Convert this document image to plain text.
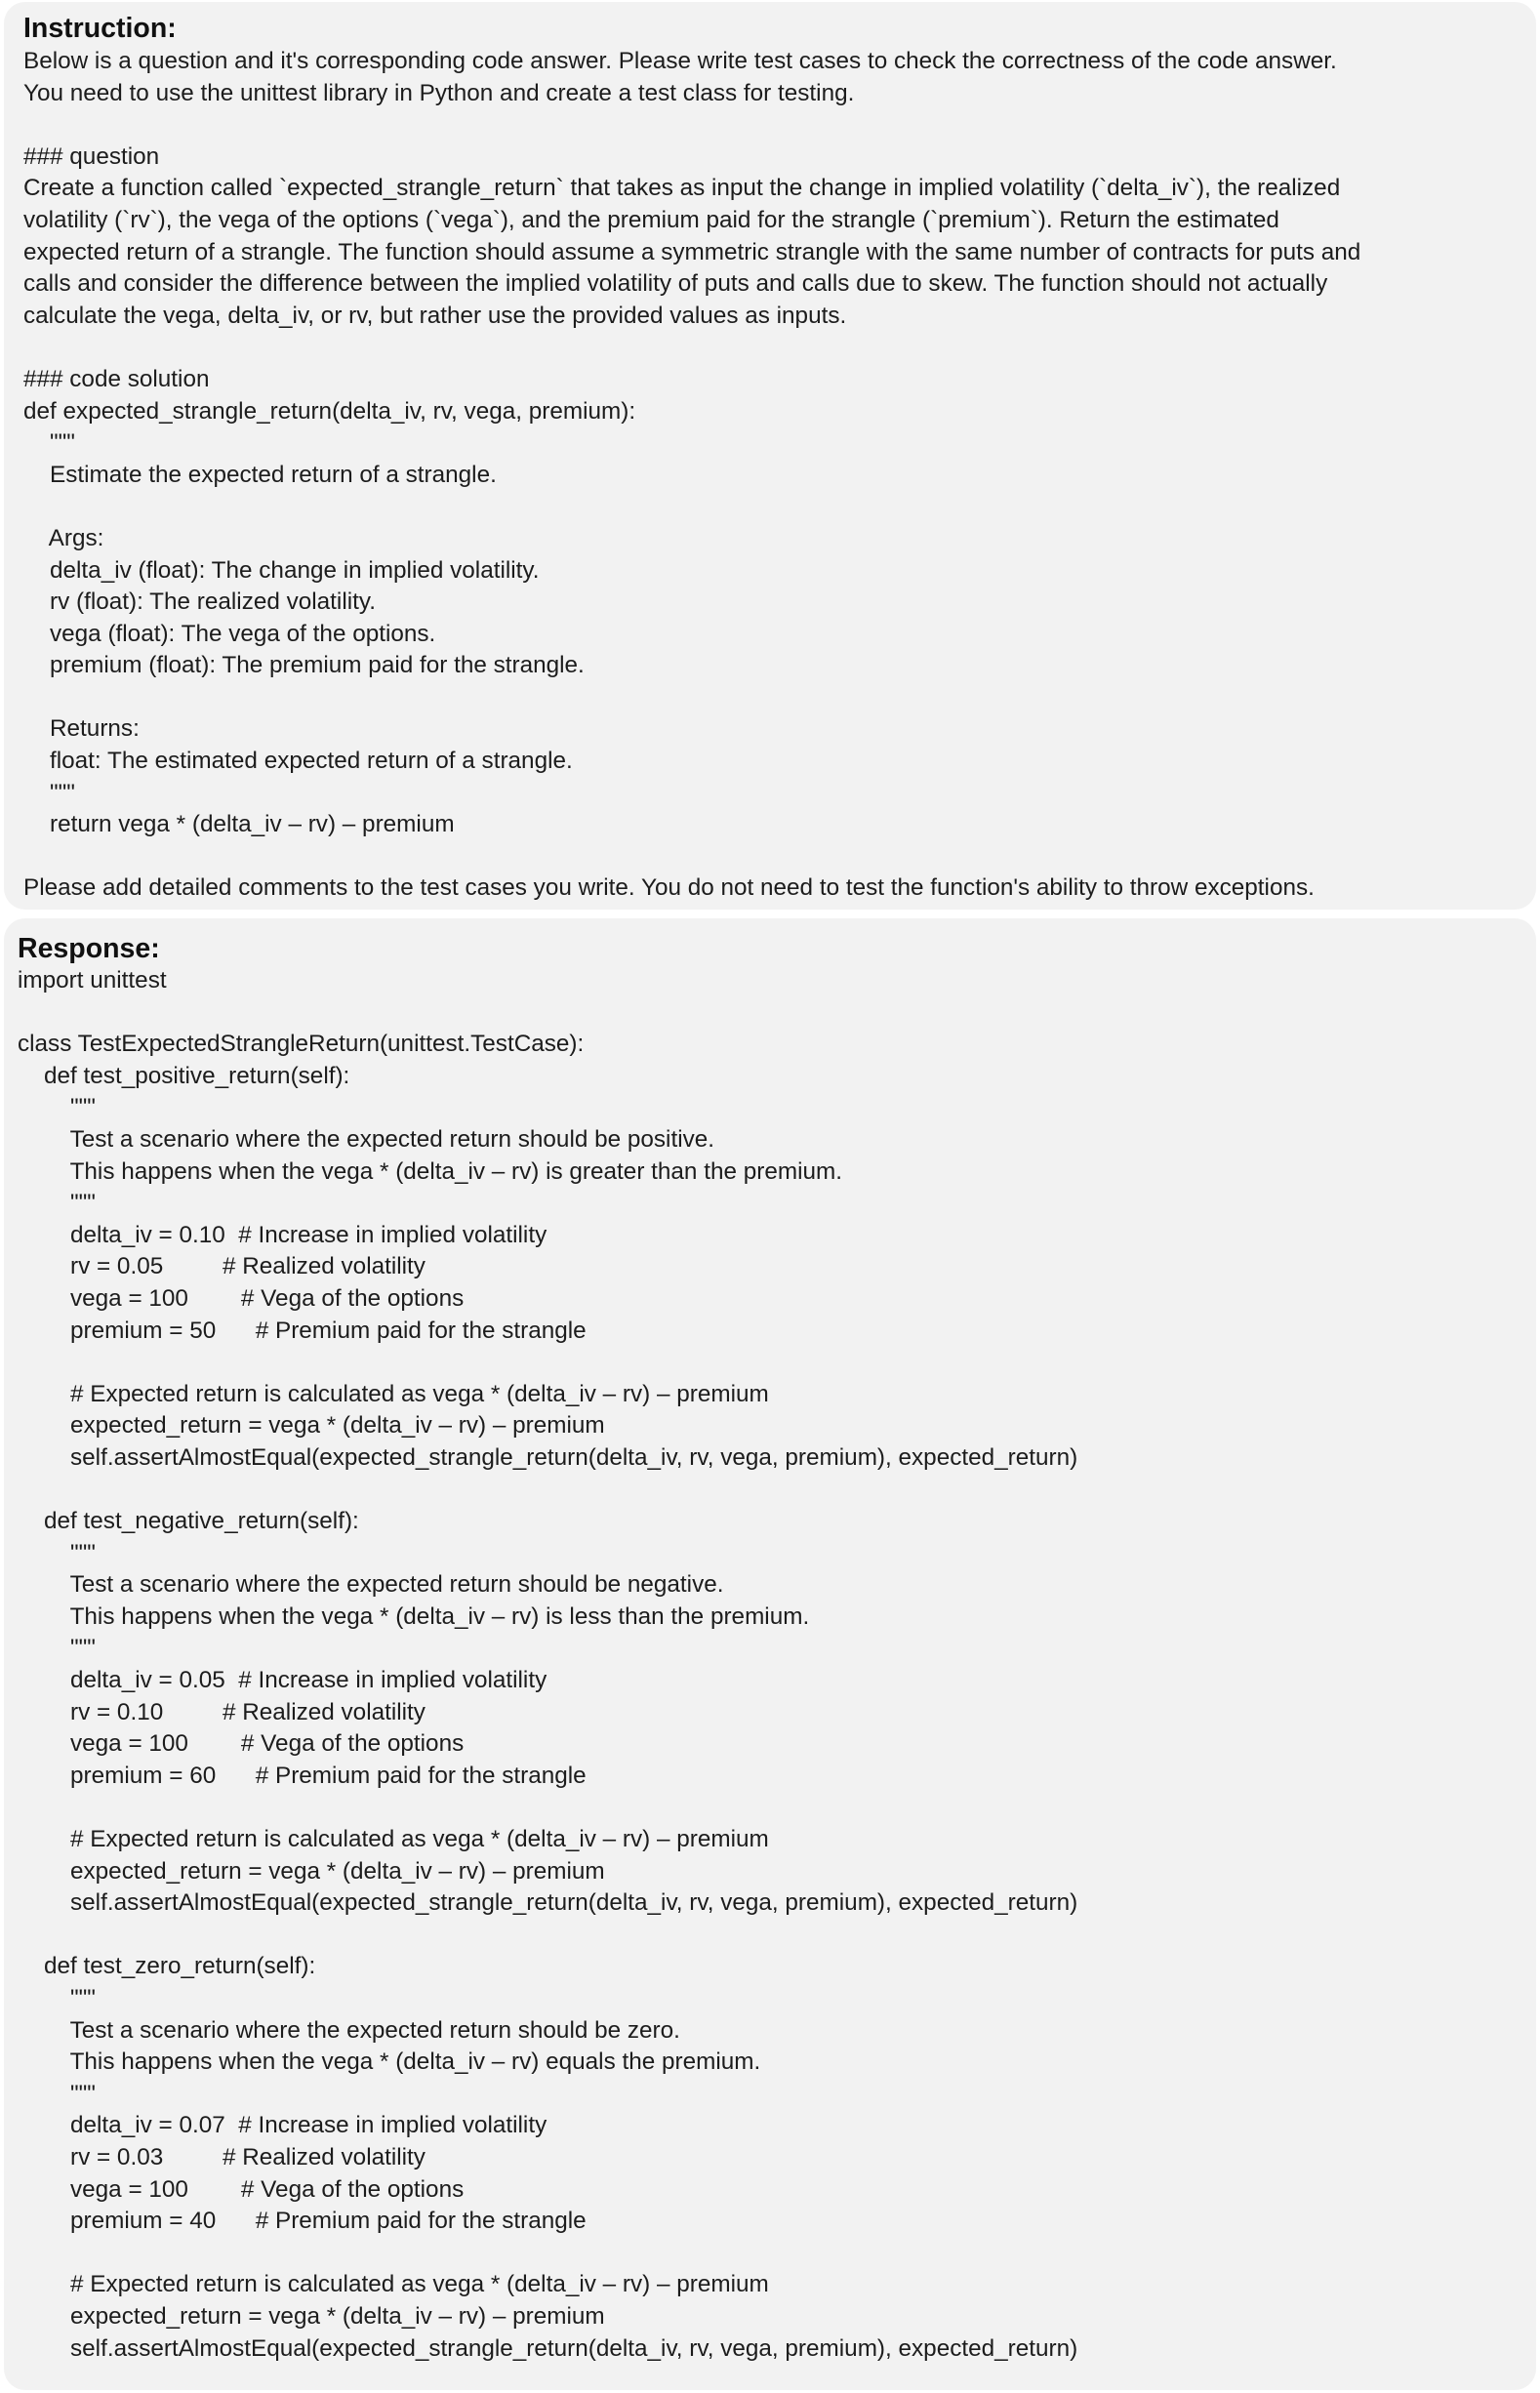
Instruction:
Below is a question and it's corresponding code answer. Please write test cases to check the correctness of the code answer.
You need to use the unittest library in Python and create a test class for testing.

### question
Create a function called `expected_strangle_return` that takes as input the change in implied volatility (`delta_iv`), the realized
volatility (`rv`), the vega of the options (`vega`), and the premium paid for the strangle (`premium`). Return the estimated
expected return of a strangle. The function should assume a symmetric strangle with the same number of contracts for puts and
calls and consider the difference between the implied volatility of puts and calls due to skew. The function should not actually
calculate the vega, delta_iv, or rv, but rather use the provided values as inputs.

### code solution
def expected_strangle_return(delta_iv, rv, vega, premium):
"""
Estimate the expected return of a strangle.

Args:
delta_iv (float): The change in implied volatility.
rv (float): The realized volatility.
vega (float): The vega of the options.
premium (float): The premium paid for the strangle.

Returns:
float: The estimated expected return of a strangle.
"""
return vega * (delta_iv – rv) – premium

Please add detailed comments to the test cases you write. You do not need to test the function's ability to throw exceptions.
Response:
import unittest

class TestExpectedStrangleReturn(unittest.TestCase):
def test_positive_return(self):
"""
Test a scenario where the expected return should be positive.
This happens when the vega * (delta_iv – rv) is greater than the premium.
"""
delta_iv = 0.10  # Increase in implied volatility
rv = 0.05         # Realized volatility
vega = 100        # Vega of the options
premium = 50      # Premium paid for the strangle

# Expected return is calculated as vega * (delta_iv – rv) – premium
expected_return = vega * (delta_iv – rv) – premium
self.assertAlmostEqual(expected_strangle_return(delta_iv, rv, vega, premium), expected_return)

def test_negative_return(self):
"""
Test a scenario where the expected return should be negative.
This happens when the vega * (delta_iv – rv) is less than the premium.
"""
delta_iv = 0.05  # Increase in implied volatility
rv = 0.10         # Realized volatility
vega = 100        # Vega of the options
premium = 60      # Premium paid for the strangle

# Expected return is calculated as vega * (delta_iv – rv) – premium
expected_return = vega * (delta_iv – rv) – premium
self.assertAlmostEqual(expected_strangle_return(delta_iv, rv, vega, premium), expected_return)

def test_zero_return(self):
"""
Test a scenario where the expected return should be zero.
This happens when the vega * (delta_iv – rv) equals the premium.
"""
delta_iv = 0.07  # Increase in implied volatility
rv = 0.03         # Realized volatility
vega = 100        # Vega of the options
premium = 40      # Premium paid for the strangle

# Expected return is calculated as vega * (delta_iv – rv) – premium
expected_return = vega * (delta_iv – rv) – premium
self.assertAlmostEqual(expected_strangle_return(delta_iv, rv, vega, premium), expected_return)
